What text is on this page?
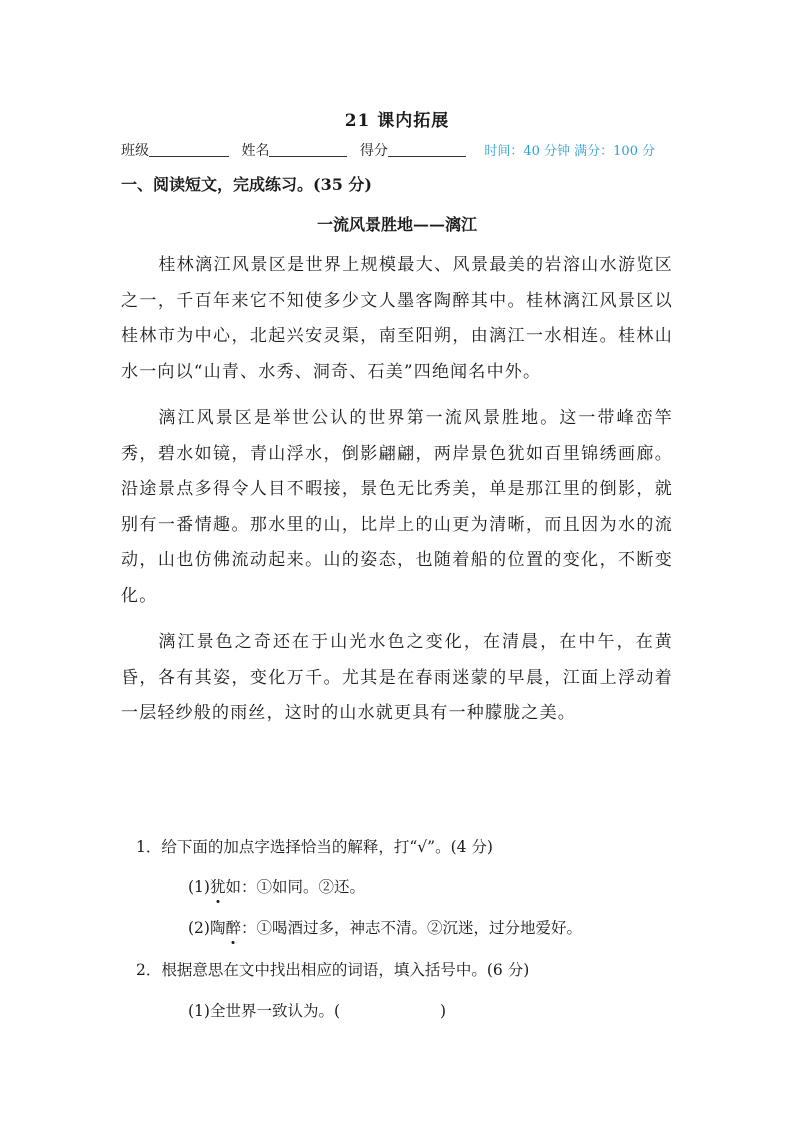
21 课内拓展
班级	姓名	得分	时间：40 分钟 满分：100 分
一、阅读短文，完成练习。(35 分)
一流风景胜地——漓江

桂林漓江风景区是世界上规模最大、风景最美的岩溶山水游览区之一，千百年来它不知使多少文人墨客陶醉其中。桂林漓江风景区以桂林市为中心，北起兴安灵渠，南至阳朔，由漓江一水相连。桂林山水一向以“山青、水秀、洞奇、石美”四绝闻名中外。

漓江风景区是举世公认的世界第一流风景胜地。这一带峰峦竿秀，碧水如镜，青山浮水，倒影翩翩，两岸景色犹如百里锦绣画廊。沿途景点多得令人目不暇接，景色无比秀美，单是那江里的倒影，就别有一番情趣。那水里的山，比岸上的山更为清晰，而且因为水的流动，山也仿佛流动起来。山的姿态，也随着船的位置的变化，不断变化。

漓江景色之奇还在于山光水色之变化，在清晨，在中午，在黄昏，各有其姿，变化万千。尤其是在春雨迷蒙的早晨，江面上浮动着一层轻纱般的雨丝，这时的山水就更具有一种朦胧之美。

1．给下面的加点字选择恰当的解释，打“√”。(4 分)
(1)犹如：①如同。②还。
(2)陶醉：①喝酒过多，神志不清。②沉迷，过分地爱好。
2．根据意思在文中找出相应的词语，填入括号中。(6 分)
(1)全世界一致认为。(	)
